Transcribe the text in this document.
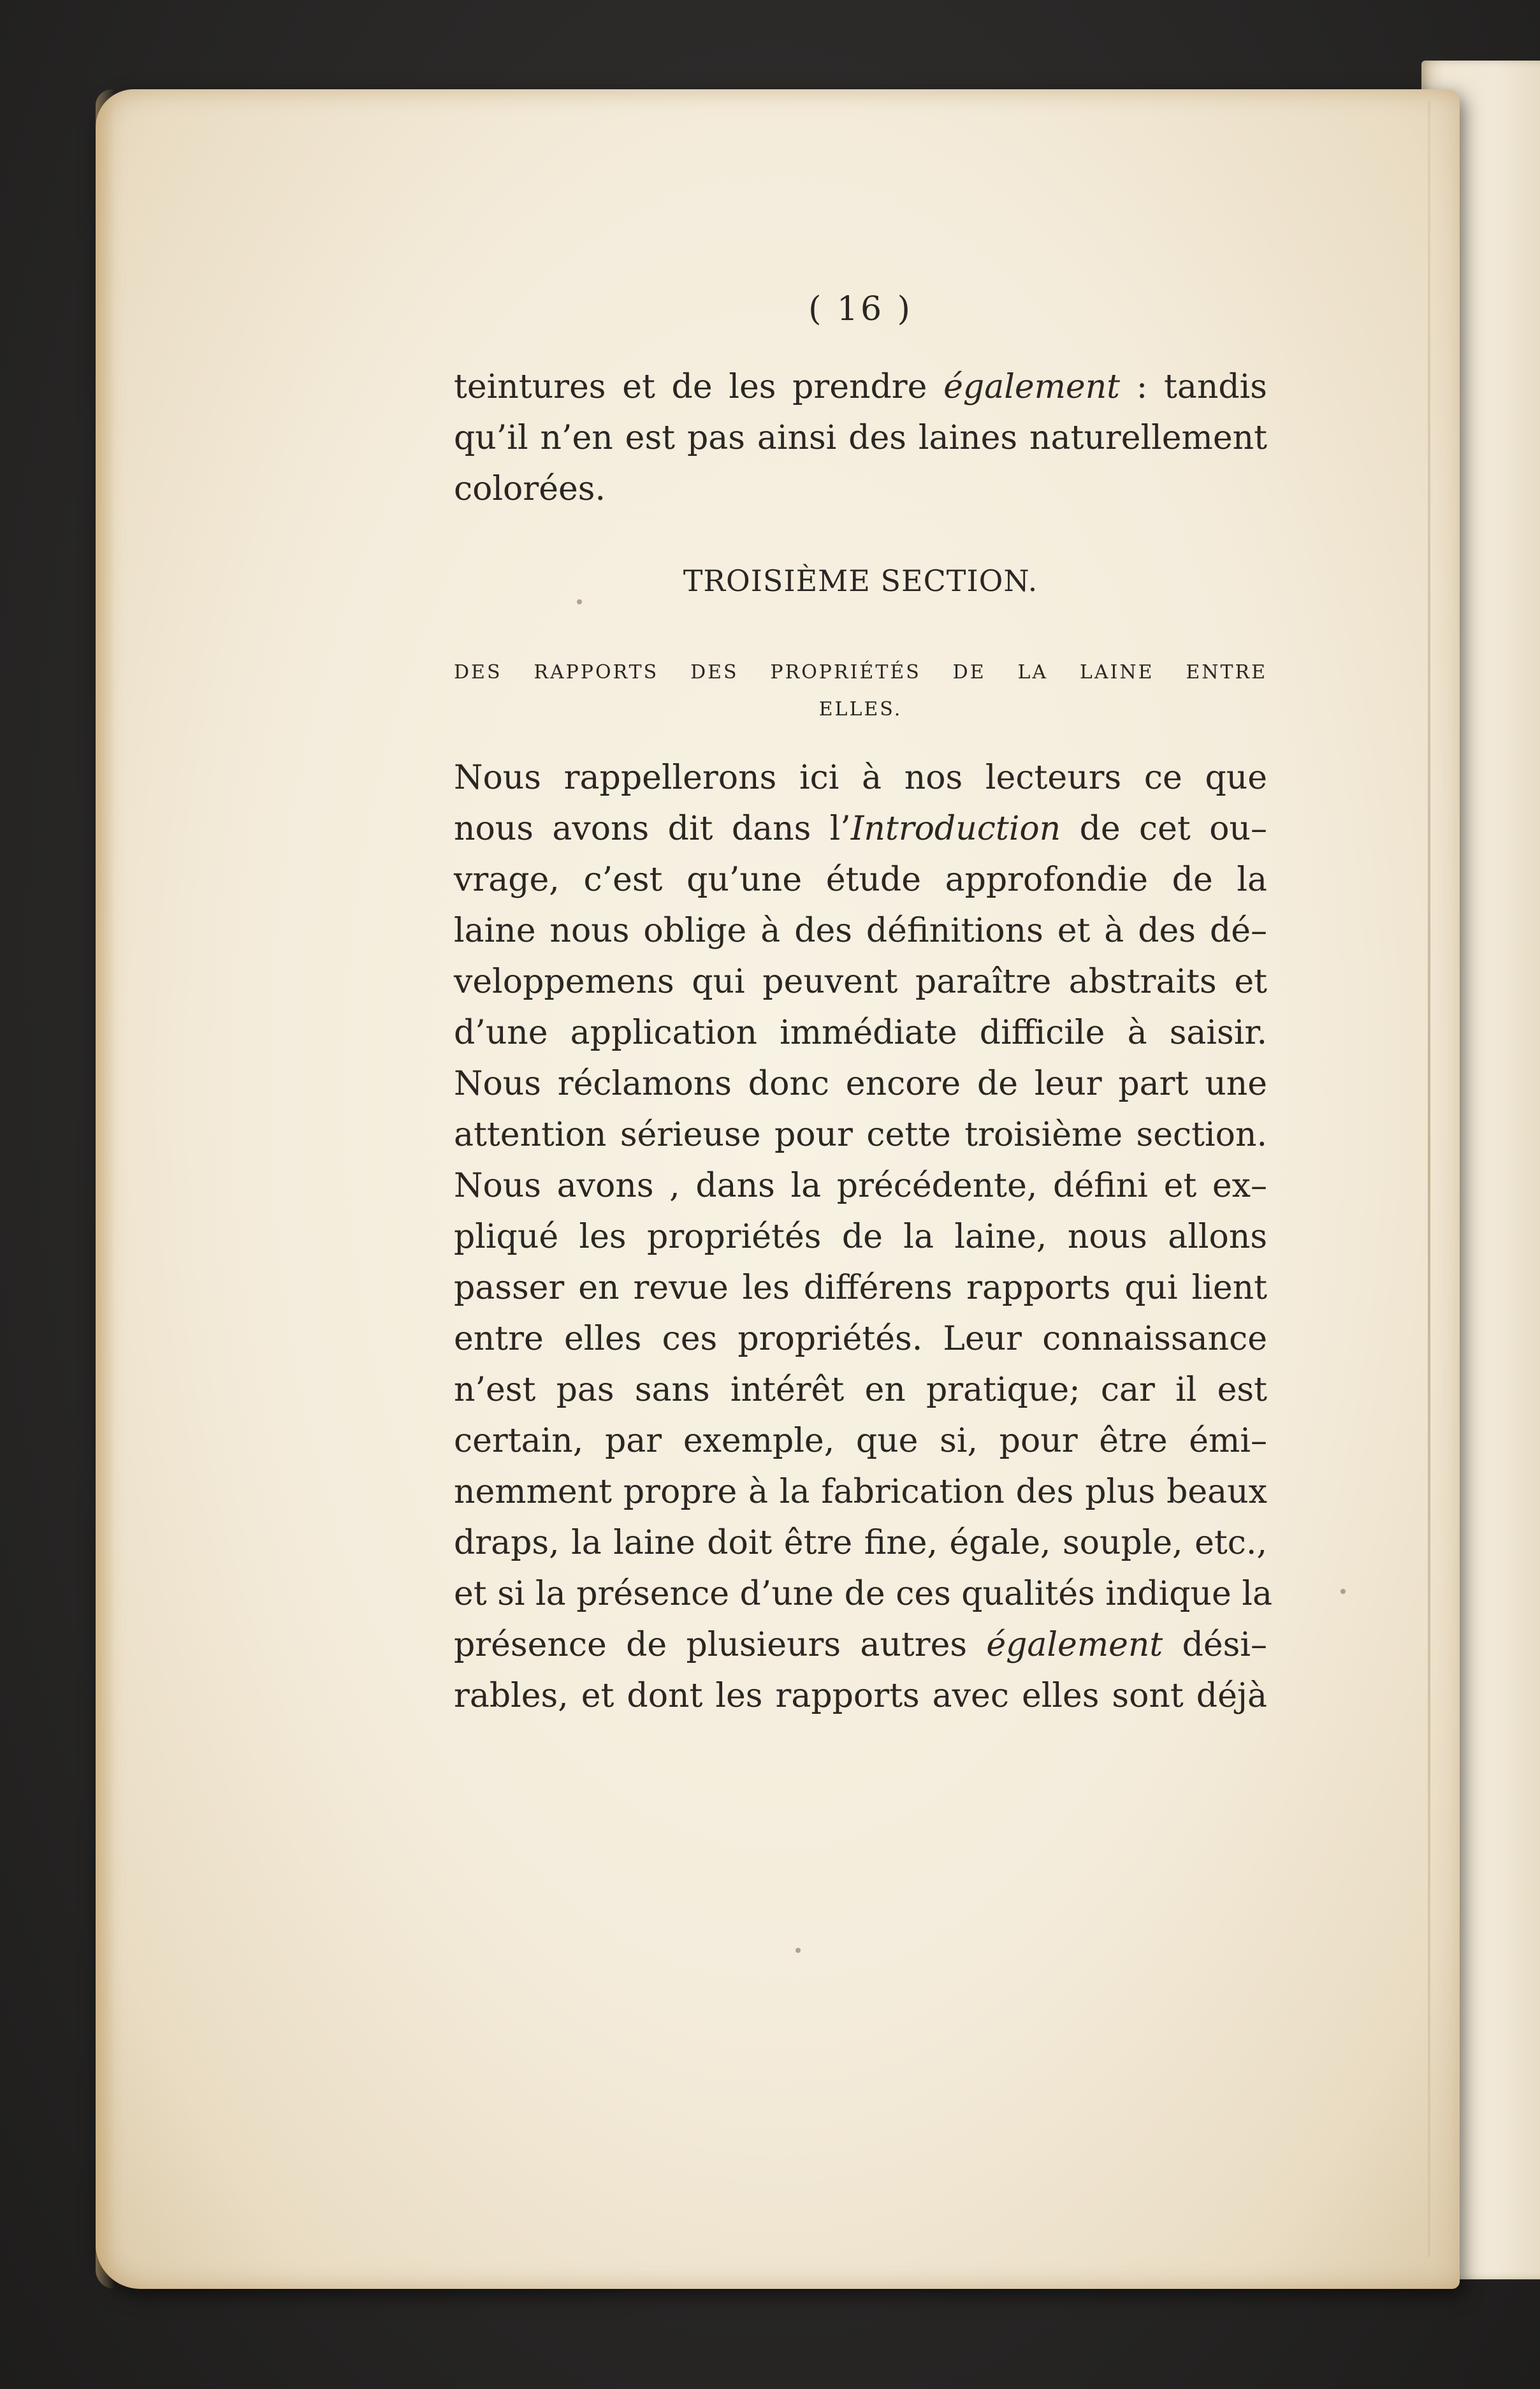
( 16 )
teintures et de les prendre également : tandis
qu’il n’en est pas ainsi des laines naturellement
colorées.
TROISIÈME SECTION.
DES RAPPORTS DES PROPRIÉTÉS DE LA LAINE ENTRE
ELLES.
Nous rappellerons ici à nos lecteurs ce que
nous avons dit dans l’Introduction de cet ou–
vrage, c’est qu’une étude approfondie de la
laine nous oblige à des définitions et à des dé–
veloppemens qui peuvent paraître abstraits et
d’une application immédiate difficile à saisir.
Nous réclamons donc encore de leur part une
attention sérieuse pour cette troisième section.
Nous avons , dans la précédente, défini et ex–
pliqué les propriétés de la laine, nous allons
passer en revue les différens rapports qui lient
entre elles ces propriétés. Leur connaissance
n’est pas sans intérêt en pratique; car il est
certain, par exemple, que si, pour être émi–
nemment propre à la fabrication des plus beaux
draps, la laine doit être fine, égale, souple, etc.,
et si la présence d’une de ces qualités indique la
présence de plusieurs autres également dési–
rables, et dont les rapports avec elles sont déjà
